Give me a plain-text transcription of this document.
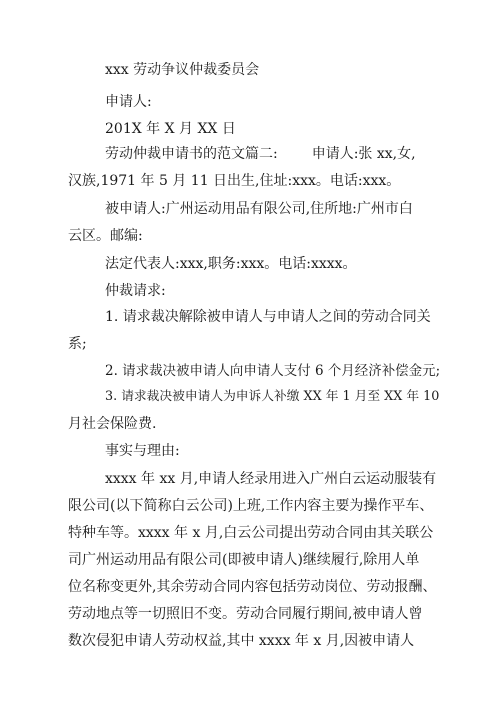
xxx 劳动争议仲裁委员会
申请人:
201X 年 X 月 XX 日
劳动仲裁申请书的范文篇二: 申请人:张 xx,女,
汉族,1971 年 5 月 11 日出生,住址:xxx。电话:xxx。
被申请人:广州运动用品有限公司,住所地:广州市白
云区。邮编:
法定代表人:xxx,职务:xxx。电话:xxxx。
仲裁请求:
1. 请求裁决解除被申请人与申请人之间的劳动合同关
系;
2. 请求裁决被申请人向申请人支付 6 个月经济补偿金元;
3. 请求裁决被申请人为申诉人补缴 XX 年 1 月至 XX 年 10
月社会保险费.
事实与理由:
xxxx 年 xx 月,申请人经录用进入广州白云运动服装有
限公司(以下简称白云公司)上班,工作内容主要为操作平车、
特种车等。xxxx 年 x 月,白云公司提出劳动合同由其关联公
司广州运动用品有限公司(即被申请人)继续履行,除用人单
位名称变更外,其余劳动合同内容包括劳动岗位、劳动报酬、
劳动地点等一切照旧不变。劳动合同履行期间,被申请人曾
数次侵犯申请人劳动权益,其中 xxxx 年 x 月,因被申请人
